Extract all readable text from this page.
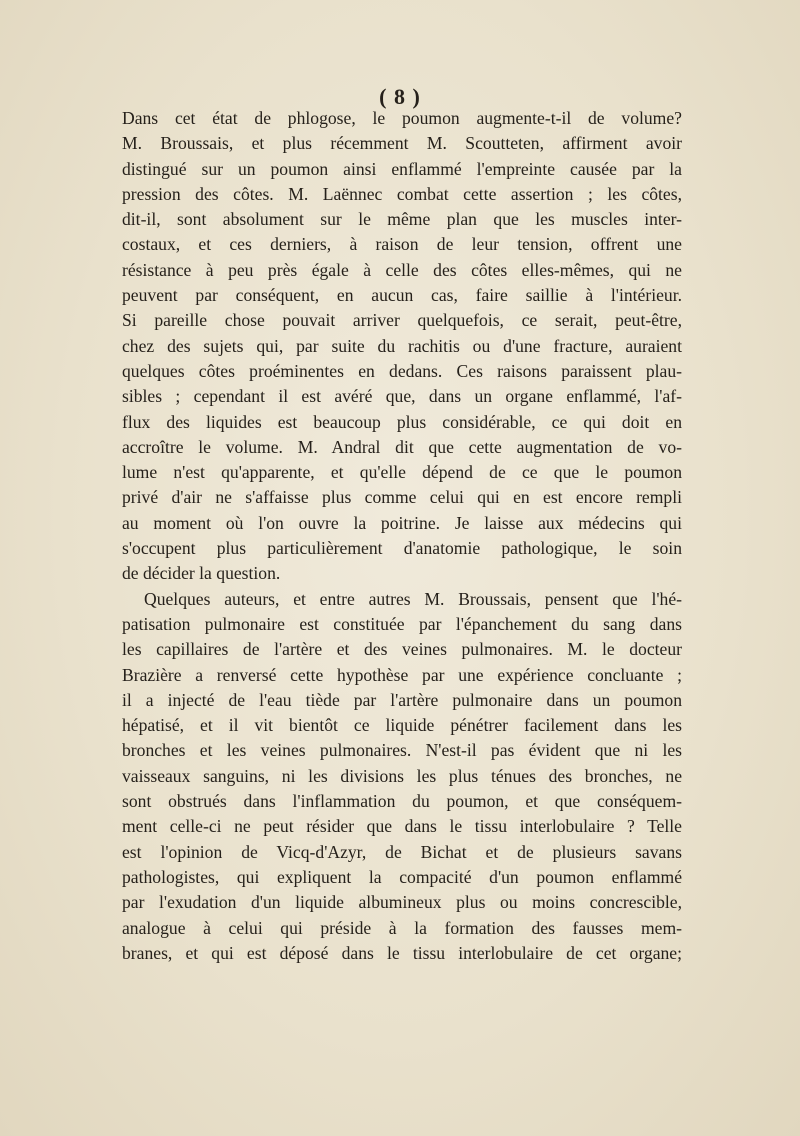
( 8 )
Dans cet état de phlogose, le poumon augmente-t-il de volume?
M. Broussais, et plus récemment M. Scoutteten, affirment avoir
distingué sur un poumon ainsi enflammé l'empreinte causée par la
pression des côtes. M. Laënnec combat cette assertion ; les côtes,
dit-il, sont absolument sur le même plan que les muscles inter-
costaux, et ces derniers, à raison de leur tension, offrent une
résistance à peu près égale à celle des côtes elles-mêmes, qui ne
peuvent par conséquent, en aucun cas, faire saillie à l'intérieur.
Si pareille chose pouvait arriver quelquefois, ce serait, peut-être,
chez des sujets qui, par suite du rachitis ou d'une fracture, auraient
quelques côtes proéminentes en dedans. Ces raisons paraissent plau-
sibles ; cependant il est avéré que, dans un organe enflammé, l'af-
flux des liquides est beaucoup plus considérable, ce qui doit en
accroître le volume. M. Andral dit que cette augmentation de vo-
lume n'est qu'apparente, et qu'elle dépend de ce que le poumon
privé d'air ne s'affaisse plus comme celui qui en est encore rempli
au moment où l'on ouvre la poitrine. Je laisse aux médecins qui
s'occupent plus particulièrement d'anatomie pathologique, le soin
de décider la question.
Quelques auteurs, et entre autres M. Broussais, pensent que l'hé-
patisation pulmonaire est constituée par l'épanchement du sang dans
les capillaires de l'artère et des veines pulmonaires. M. le docteur
Brazière a renversé cette hypothèse par une expérience concluante ;
il a injecté de l'eau tiède par l'artère pulmonaire dans un poumon
hépatisé, et il vit bientôt ce liquide pénétrer facilement dans les
bronches et les veines pulmonaires. N'est-il pas évident que ni les
vaisseaux sanguins, ni les divisions les plus ténues des bronches, ne
sont obstrués dans l'inflammation du poumon, et que conséquem-
ment celle-ci ne peut résider que dans le tissu interlobulaire ? Telle
est l'opinion de Vicq-d'Azyr, de Bichat et de plusieurs savans
pathologistes, qui expliquent la compacité d'un poumon enflammé
par l'exudation d'un liquide albumineux plus ou moins concrescible,
analogue à celui qui préside à la formation des fausses mem-
branes, et qui est déposé dans le tissu interlobulaire de cet organe;
